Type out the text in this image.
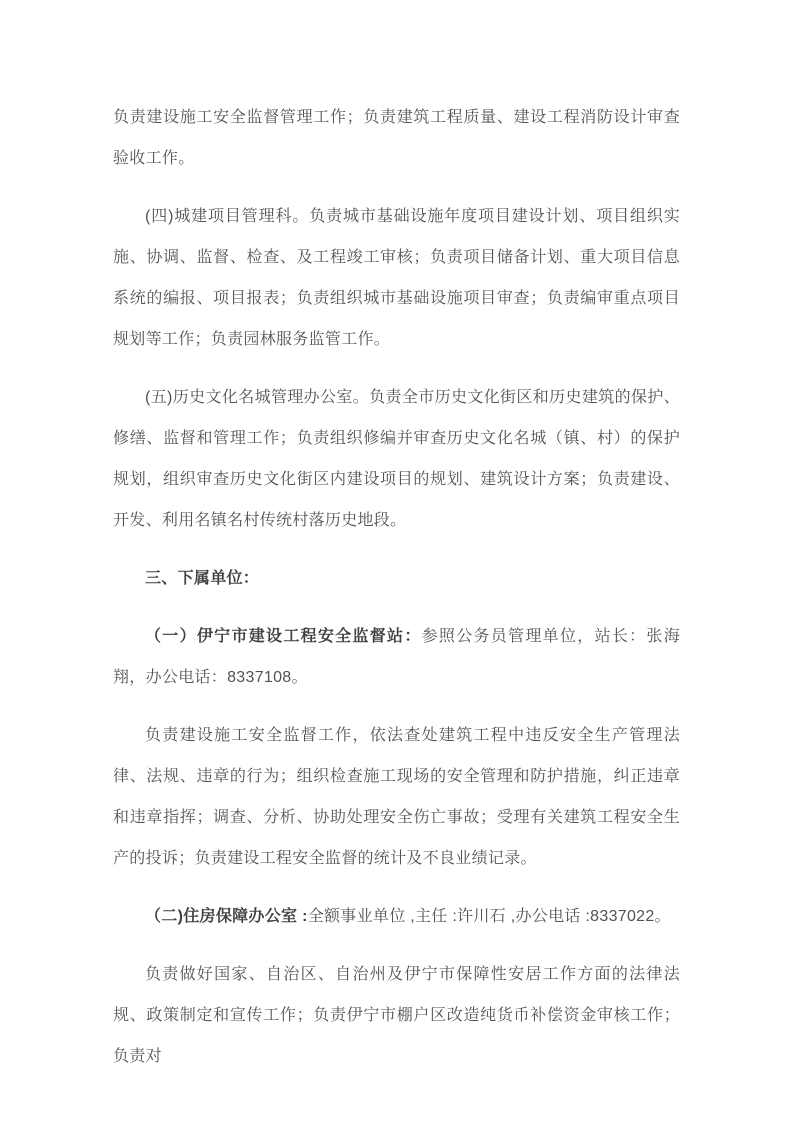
负责建设施工安全监督管理工作；负责建筑工程质量、建设工程消防设计审查验收工作。

(四)城建项目管理科。负责城市基础设施年度项目建设计划、项目组织实施、协调、监督、检查、及工程竣工审核；负责项目储备计划、重大项目信息系统的编报、项目报表；负责组织城市基础设施项目审查；负责编审重点项目规划等工作；负责园林服务监管工作。

(五)历史文化名城管理办公室。负责全市历史文化街区和历史建筑的保护、修缮、监督和管理工作；负责组织修编并审查历史文化名城（镇、村）的保护规划，组织审查历史文化街区内建设项目的规划、建筑设计方案；负责建设、开发、利用名镇名村传统村落历史地段。

三、下属单位：

（一）伊宁市建设工程安全监督站：参照公务员管理单位，站长：张海翔，办公电话：8337108。

负责建设施工安全监督工作，依法查处建筑工程中违反安全生产管理法律、法规、违章的行为；组织检查施工现场的安全管理和防护措施，纠正违章和违章指挥；调查、分析、协助处理安全伤亡事故；受理有关建筑工程安全生产的投诉；负责建设工程安全监督的统计及不良业绩记录。

（二)住房保障办公室 :全额事业单位 ,主任 :许川石 ,办公电话 :8337022。

负责做好国家、自治区、自治州及伊宁市保障性安居工作方面的法律法规、政策制定和宣传工作；负责伊宁市棚户区改造纯货币补偿资金审核工作；负责对
